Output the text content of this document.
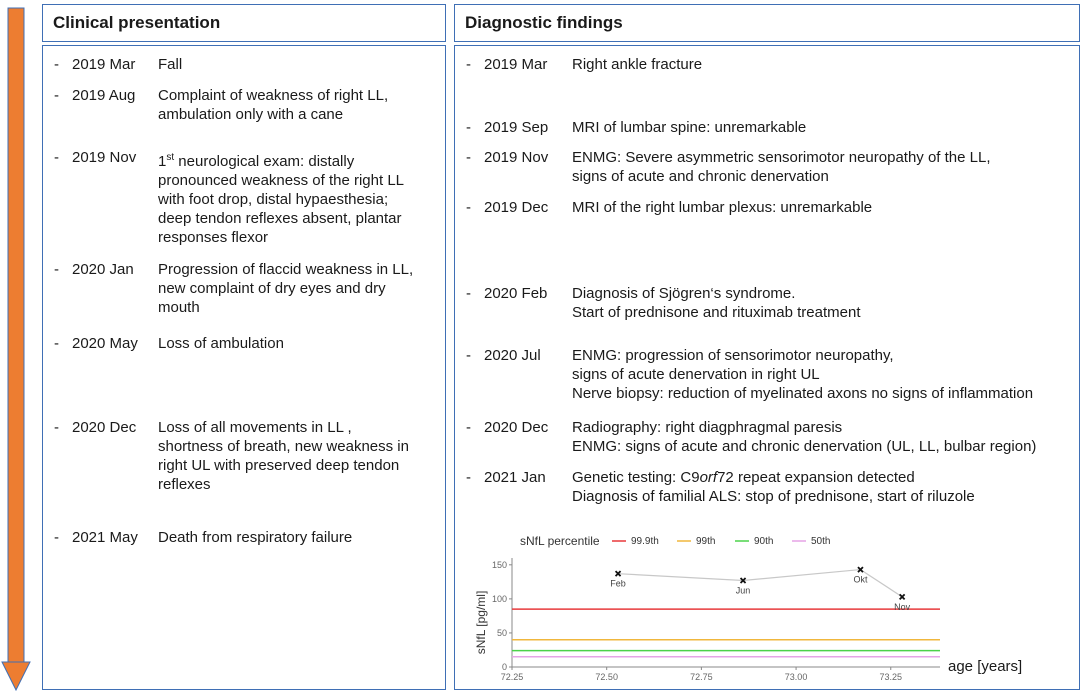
Clinical presentation	Diagnostic findings
sNfL percentile	99.9th	99th	90th	50th
0
50
100
150
72.25	72.50	72.75	73.00	73.25
sNfL [pg/ml]
age [years]
Feb
Jun
Okt
Nov
- 2019 Mar Fall
- 2019 Aug Complaint of weakness of right LL,
ambulation only with a cane
- 2019 Nov 1st neurological exam: distally
pronounced weakness of the right LL
with foot drop, distal hypaesthesia;
deep tendon reflexes absent, plantar
responses flexor
- 2020 Jan Progression of flaccid weakness in LL,
new complaint of dry eyes and dry
mouth
- 2020 May Loss of ambulation
- 2020 Dec Loss of all movements in LL ,
shortness of breath, new weakness in
right UL with preserved deep tendon
reflexes
- 2021 May Death from respiratory failure
- 2019 Mar Right ankle fracture
- 2019 Sep MRI of lumbar spine: unremarkable
- 2019 Nov ENMG: Severe asymmetric sensorimotor neuropathy of the LL,
signs of acute and chronic denervation
- 2019 Dec MRI of the right lumbar plexus: unremarkable
- 2020 Feb Diagnosis of Sjögren‘s syndrome.
Start of prednisone and rituximab treatment
- 2020 Jul ENMG: progression of sensorimotor neuropathy,
signs of acute denervation in right UL
Nerve biopsy: reduction of myelinated axons no signs of inflammation
- 2020 Dec Radiography: right diagphragmal paresis
ENMG: signs of acute and chronic denervation (UL, LL, bulbar region)
- 2021 Jan Genetic testing: C9orf72 repeat expansion detected
Diagnosis of familial ALS: stop of prednisone, start of riluzole
